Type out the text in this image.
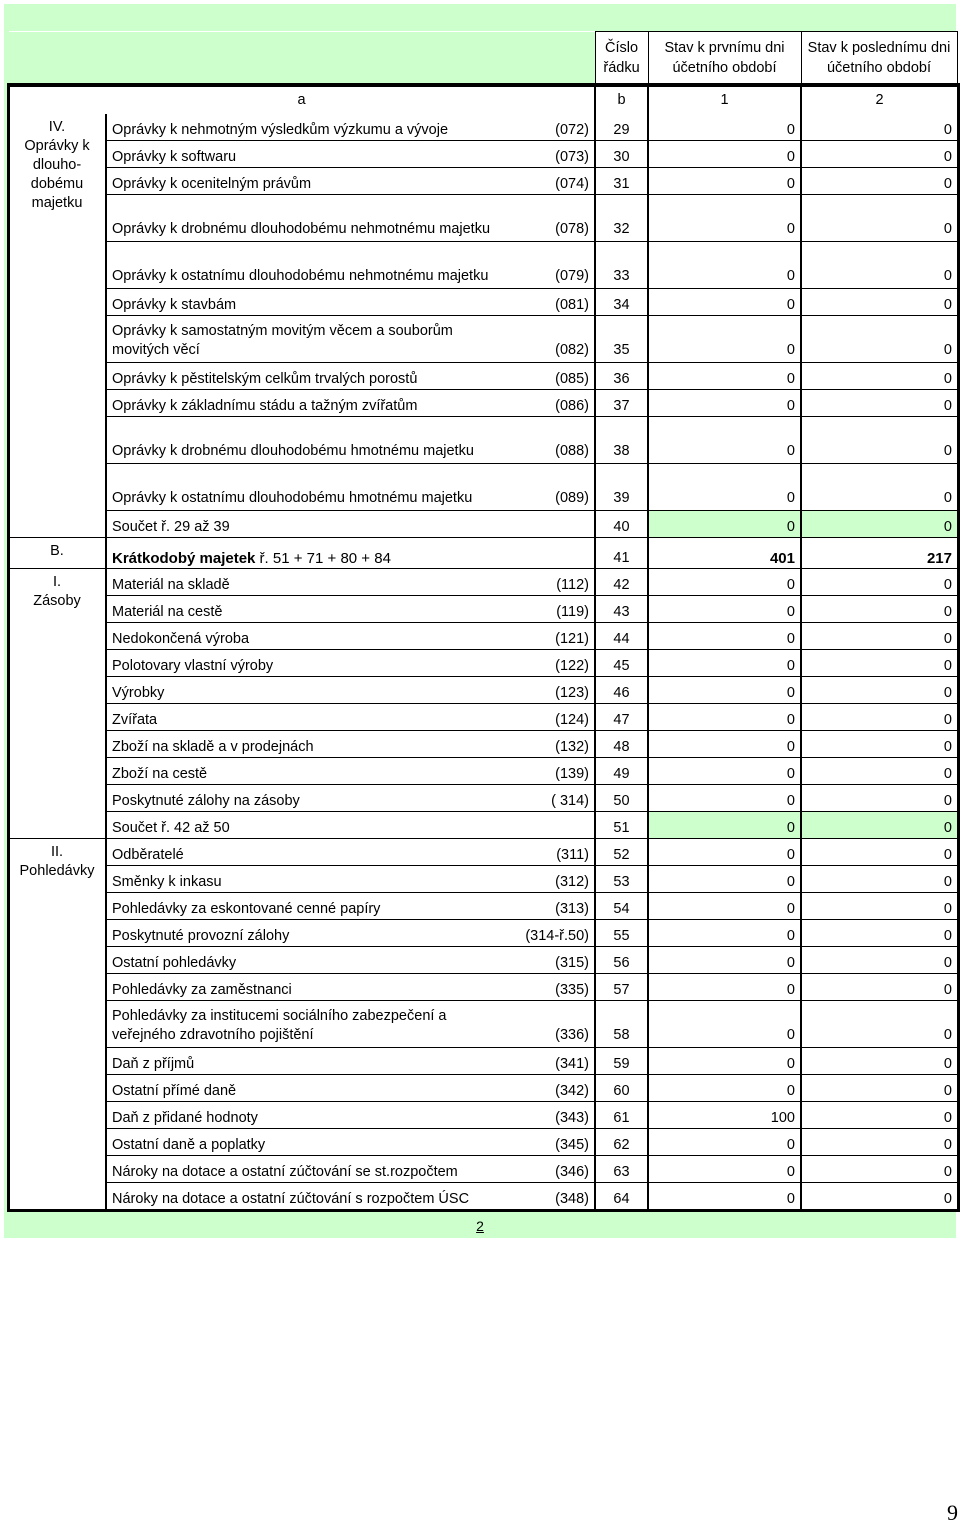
			Číslo řádku	Stav k prvnímu dni účetního období	Stav k poslednímu dni účetního období
a			b	1	2
IV.
Oprávky k dlouho-dobému majetku	Oprávky k nehmotným výsledkům výzkumu a vývoje	(072)	29	0	0
	Oprávky k softwaru	(073)	30	0	0
	Oprávky k ocenitelným právům	(074)	31	0	0
	Oprávky k drobnému dlouhodobému nehmotnému majetku	(078)	32	0	0
	Oprávky k ostatnímu dlouhodobému nehmotnému majetku	(079)	33	0	0
	Oprávky k stavbám	(081)	34	0	0
	Oprávky k samostatným movitým věcem a souborům movitých věcí	(082)	35	0	0
	Oprávky k pěstitelským celkům trvalých porostů	(085)	36	0	0
	Oprávky k základnímu stádu a tažným zvířatům	(086)	37	0	0
	Oprávky k drobnému dlouhodobému hmotnému majetku	(088)	38	0	0
	Oprávky k ostatnímu dlouhodobému hmotnému majetku	(089)	39	0	0
	Součet ř. 29 až 39		40	0	0
B.	Krátkodobý majetek ř. 51 + 71 + 80 + 84		41	401	217
I.
Zásoby	Materiál na skladě	(112)	42	0	0
	Materiál na cestě	(119)	43	0	0
	Nedokončená výroba	(121)	44	0	0
	Polotovary vlastní výroby	(122)	45	0	0
	Výrobky	(123)	46	0	0
	Zvířata	(124)	47	0	0
	Zboží na skladě a v prodejnách	(132)	48	0	0
	Zboží na cestě	(139)	49	0	0
	Poskytnuté zálohy na zásoby	( 314)	50	0	0
	Součet ř. 42 až 50		51	0	0
II.
Pohledávky	Odběratelé	(311)	52	0	0
	Směnky k inkasu	(312)	53	0	0
	Pohledávky za eskontované cenné papíry	(313)	54	0	0
	Poskytnuté provozní zálohy	(314-ř.50)	55	0	0
	Ostatní pohledávky	(315)	56	0	0
	Pohledávky za zaměstnanci	(335)	57	0	0
	Pohledávky za institucemi sociálního zabezpečení a veřejného zdravotního pojištění	(336)	58	0	0
	Daň z příjmů	(341)	59	0	0
	Ostatní přímé daně	(342)	60	0	0
	Daň z přidané hodnoty	(343)	61	100	0
	Ostatní daně a poplatky	(345)	62	0	0
	Nároky na dotace a ostatní zúčtování se st.rozpočtem	(346)	63	0	0
	Nároky na dotace a ostatní zúčtování s rozpočtem ÚSC	(348)	64	0	0
2
9
